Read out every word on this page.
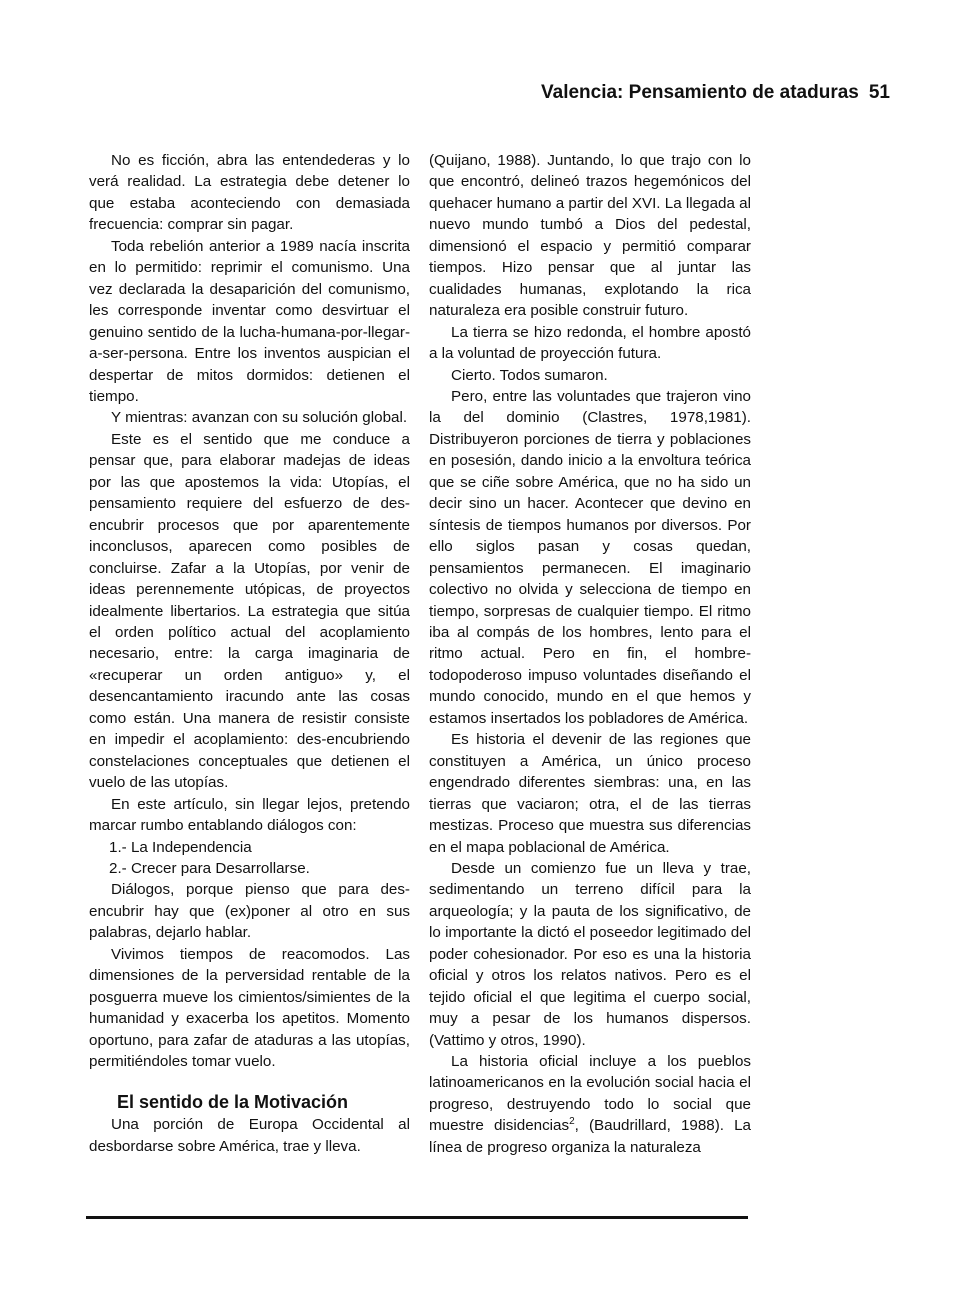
Valencia: Pensamiento de ataduras 51

No es ficción, abra las entendederas y lo verá realidad. La estrategia debe detener lo que estaba aconteciendo con demasiada frecuencia: comprar sin pagar.

Toda rebelión anterior a 1989 nacía inscrita en lo permitido: reprimir el comunismo. Una vez declarada la desaparición del comunismo, les corresponde inventar como desvirtuar el genuino sentido de la lucha-humana-por-llegar-a-ser-persona. Entre los inventos auspician el despertar de mitos dormidos: detienen el tiempo.

Y mientras: avanzan con su solución global.

Este es el sentido que me conduce a pensar que, para elaborar madejas de ideas por las que apostemos la vida: Utopías, el pensamiento requiere del esfuerzo de des-encubrir procesos que por aparentemente inconclusos, aparecen como posibles de concluirse. Zafar a la Utopías, por venir de ideas perennemente utópicas, de proyectos idealmente libertarios. La estrategia que sitúa el orden político actual del acoplamiento necesario, entre: la carga imaginaria de «recuperar un orden antiguo» y, el desencantamiento iracundo ante las cosas como están. Una manera de resistir consiste en impedir el acoplamiento: des-encubriendo constelaciones conceptuales que detienen el vuelo de las utopías.

En este artículo, sin llegar lejos, pretendo marcar rumbo entablando diálogos con:

1.- La Independencia

2.- Crecer para Desarrollarse.

Diálogos, porque pienso que para des-encubrir hay que (ex)poner al otro en sus palabras, dejarlo hablar.

Vivimos tiempos de reacomodos. Las dimensiones de la perversidad rentable de la posguerra mueve los cimientos/simientes de la humanidad y exacerba los apetitos. Momento oportuno, para zafar de ataduras a las utopías, permitiéndoles tomar vuelo.

El sentido de la Motivación

Una porción de Europa Occidental al desbordarse sobre América, trae y lleva.

(Quijano, 1988). Juntando, lo que trajo con lo que encontró, delineó trazos hegemónicos del quehacer humano a partir del XVI. La llegada al nuevo mundo tumbó a Dios del pedestal, dimensionó el espacio y permitió comparar tiempos. Hizo pensar que al juntar las cualidades humanas, explotando la rica naturaleza era posible construir futuro.

La tierra se hizo redonda, el hombre apostó a la voluntad de proyección futura.

Cierto. Todos sumaron.

Pero, entre las voluntades que trajeron vino la del dominio (Clastres, 1978,1981). Distribuyeron porciones de tierra y poblaciones en posesión, dando inicio a la envoltura teórica que se ciñe sobre América, que no ha sido un decir sino un hacer. Acontecer que devino en síntesis de tiempos humanos por diversos. Por ello siglos pasan y cosas quedan, pensamientos permanecen. El imaginario colectivo no olvida y selecciona de tiempo en tiempo, sorpresas de cualquier tiempo. El ritmo iba al compás de los hombres, lento para el ritmo actual. Pero en fin, el hombre-todopoderoso impuso voluntades diseñando el mundo conocido, mundo en el que hemos y estamos insertados los pobladores de América.

Es historia el devenir de las regiones que constituyen a América, un único proceso engendrado diferentes siembras: una, en las tierras que vaciaron; otra, el de las tierras mestizas. Proceso que muestra sus diferencias en el mapa poblacional de América.

Desde un comienzo fue un lleva y trae, sedimentando un terreno difícil para la arqueología; y la pauta de los significativo, de lo importante la dictó el poseedor legitimado del poder cohesionador. Por eso es una la historia oficial y otros los relatos nativos. Pero es el tejido oficial el que legitima el cuerpo social, muy a pesar de los humanos dispersos. (Vattimo y otros, 1990).

La historia oficial incluye a los pueblos latinoamericanos en la evolución social hacia el progreso, destruyendo todo lo social que muestre disidencias$^2$, (Baudrillard, 1988). La línea de progreso organiza la naturaleza
